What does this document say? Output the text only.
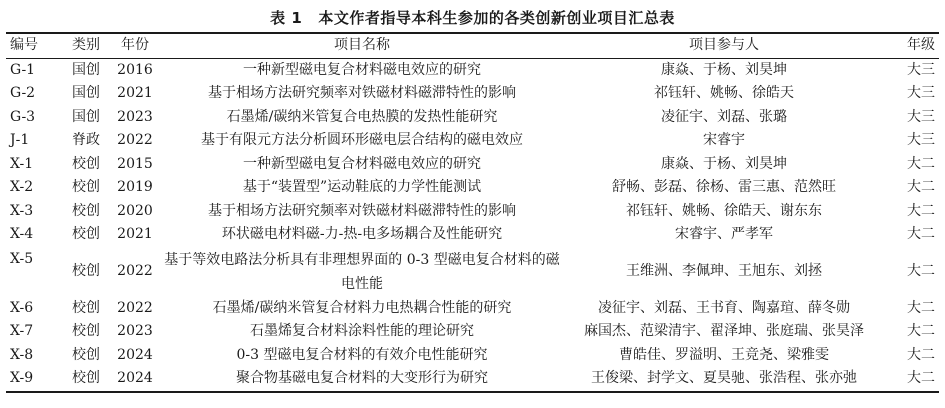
表 1 本文作者指导本科生参加的各类创新创业项目汇总表
编号	类别	年份	项目名称	项目参与人	年级
G-1	国创	2016	一种新型磁电复合材料磁电效应的研究	康焱、于杨、刘昊坤	大三
G-2	国创	2021	基于相场方法研究频率对铁磁材料磁滞特性的影响	祁钰轩、姚畅、徐皓天	大三
G-3	国创	2023	石墨烯/碳纳米管复合电热膜的发热性能研究	凌征宇、刘磊、张璐	大三
J-1	脊政	2022	基于有限元方法分析圆环形磁电层合结构的磁电效应	宋睿宇	大三
X-1	校创	2015	一种新型磁电复合材料磁电效应的研究	康焱、于杨、刘昊坤	大二
X-2	校创	2019	基于“装置型”运动鞋底的力学性能测试	舒畅、彭磊、徐杨、雷三惠、范然旺	大二
X-3	校创	2020	基于相场方法研究频率对铁磁材料磁滞特性的影响	祁钰轩、姚畅、徐皓天、谢东东	大二
X-4	校创	2021	环状磁电材料磁-力-热-电多场耦合及性能研究	宋睿宇、严孝军	大二
X-5	校创	2022	基于等效电路法分析具有非理想界面的 0-3 型磁电复合材料的磁电性能	王维洲、李佩珅、王旭东、刘拯	大二
X-6	校创	2022	石墨烯/碳纳米管复合材料力电热耦合性能的研究	凌征宇、刘磊、王书育、陶嘉瑄、薛冬勋	大二
X-7	校创	2023	石墨烯复合材料涂料性能的理论研究	麻国杰、范梁清宇、翟泽坤、张庭瑞、张昊泽	大二
X-8	校创	2024	0-3 型磁电复合材料的有效介电性能研究	曹皓佳、罗溢明、王竞尧、梁雅雯	大二
X-9	校创	2024	聚合物基磁电复合材料的大变形行为研究	王俊梁、封学文、夏昊驰、张浩程、张亦弛	大二
